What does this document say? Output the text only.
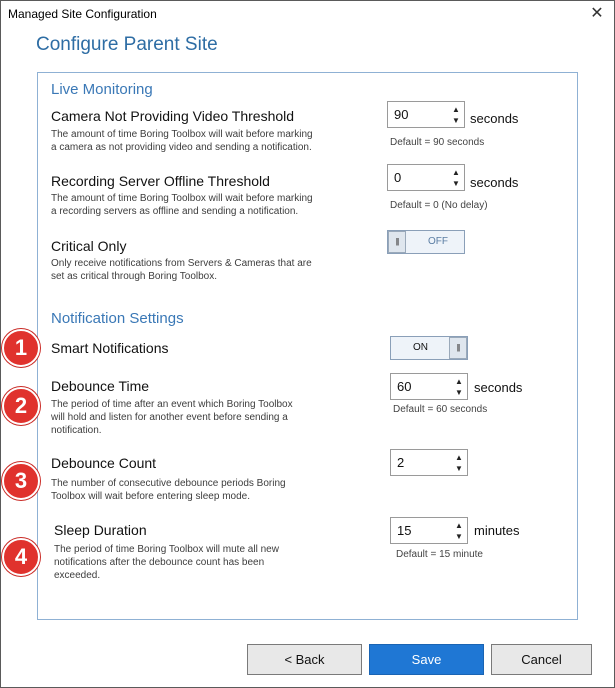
Managed Site Configuration	✕
Configure Parent Site
Live Monitoring
Camera Not Providing Video Threshold
The amount of time Boring Toolbox will wait before marking
a camera as not providing video and sending a notification.
90	▲
▼ seconds
Default = 90 seconds
Recording Server Offline Threshold
The amount of time Boring Toolbox will wait before marking
a recording servers as offline and sending a notification.
0	▲
▼ seconds
Default = 0 (No delay)
Critical Only
Only receive notifications from Servers & Cameras that are
set as critical through Boring Toolbox.
|||	OFF
Notification Settings
1	Smart Notifications	ON	|||
2
Debounce Time
The period of time after an event which Boring Toolbox
will hold and listen for another event before sending a
notification.
60	▲
▼ seconds
Default = 60 seconds
3
Debounce Count
The number of consecutive debounce periods Boring
Toolbox will wait before entering sleep mode.
2	▲
▼
4
Sleep Duration
The period of time Boring Toolbox will mute all new
notifications after the debounce count has been
exceeded.
15	▲
▼ minutes
Default = 15 minute
< Back	Save	Cancel
